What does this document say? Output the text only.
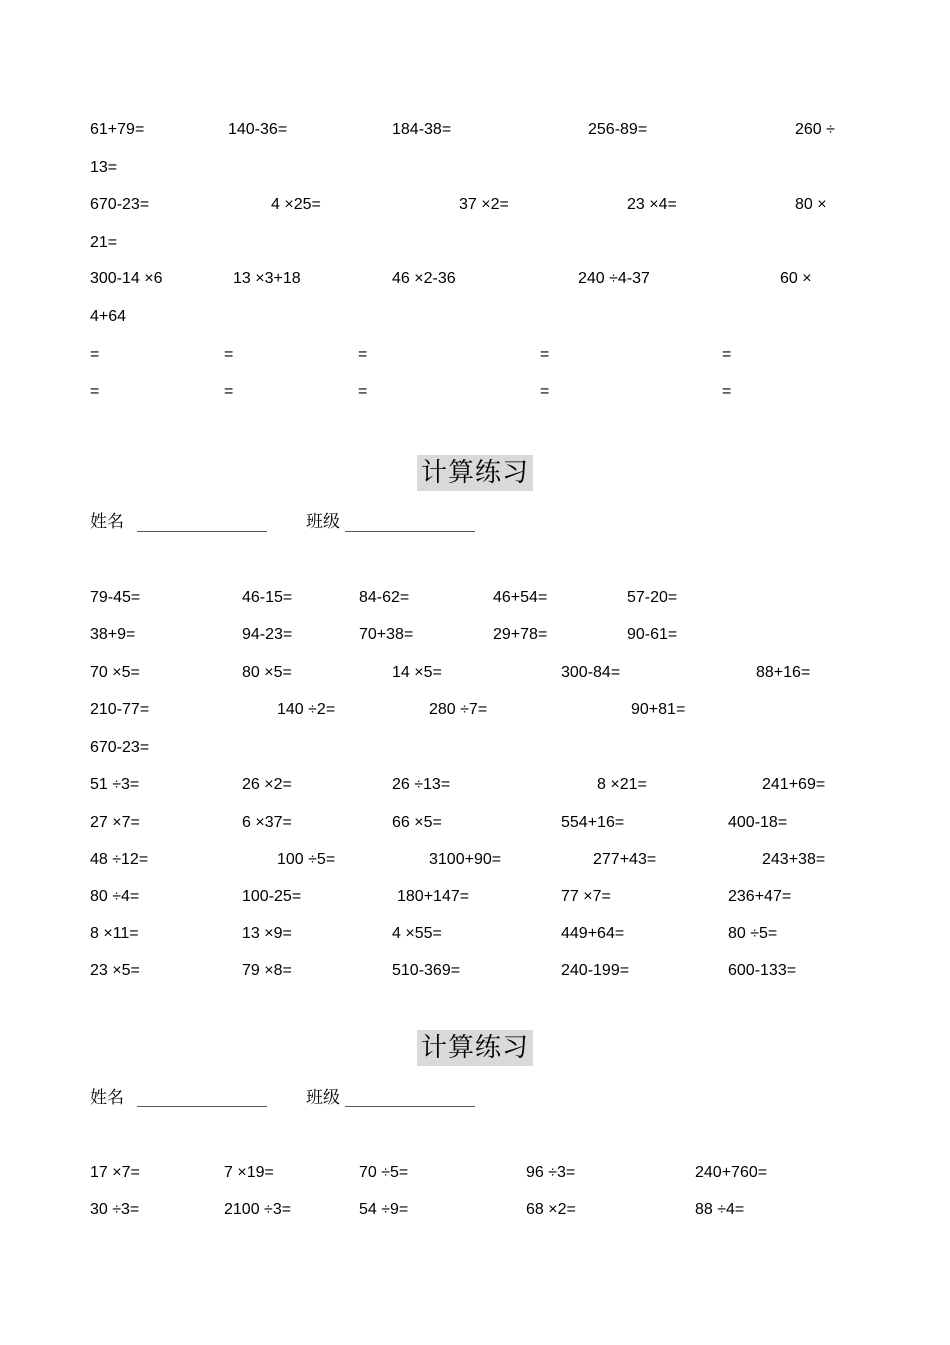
61+79=	140-36=	184-38=	256-89=	260 ÷
13=
670-23=	4 ×25=	37 ×2=	23 ×4=	80 ×
21=
300-14 ×6	13 ×3+18	46 ×2-36	240 ÷4-37	60 ×
4+64
=	=	=	=	=
=	=	=	=	=
计算练习
姓名	班级
79-45=	46-15=	84-62=	46+54=	57-20=
38+9=	94-23=	70+38=	29+78=	90-61=
70 ×5=	80 ×5=	14 ×5=	300-84=	88+16=
210-77=	140 ÷2=	280 ÷7=	90+81=
670-23=
51 ÷3=	26 ×2=	26 ÷13=	8 ×21=	241+69=
27 ×7=	6 ×37=	66 ×5=	554+16=	400-18=
48 ÷12=	100 ÷5=	3100+90=	277+43=	243+38=
80 ÷4=	100-25=	180+147=	77 ×7=	236+47=
8 ×11=	13 ×9=	4 ×55=	449+64=	80 ÷5=
23 ×5=	79 ×8=	510-369=	240-199=	600-133=
计算练习
姓名	班级
17 ×7=	7 ×19=	70 ÷5=	96 ÷3=	240+760=
30 ÷3=	2100 ÷3=	54 ÷9=	68 ×2=	88 ÷4=
